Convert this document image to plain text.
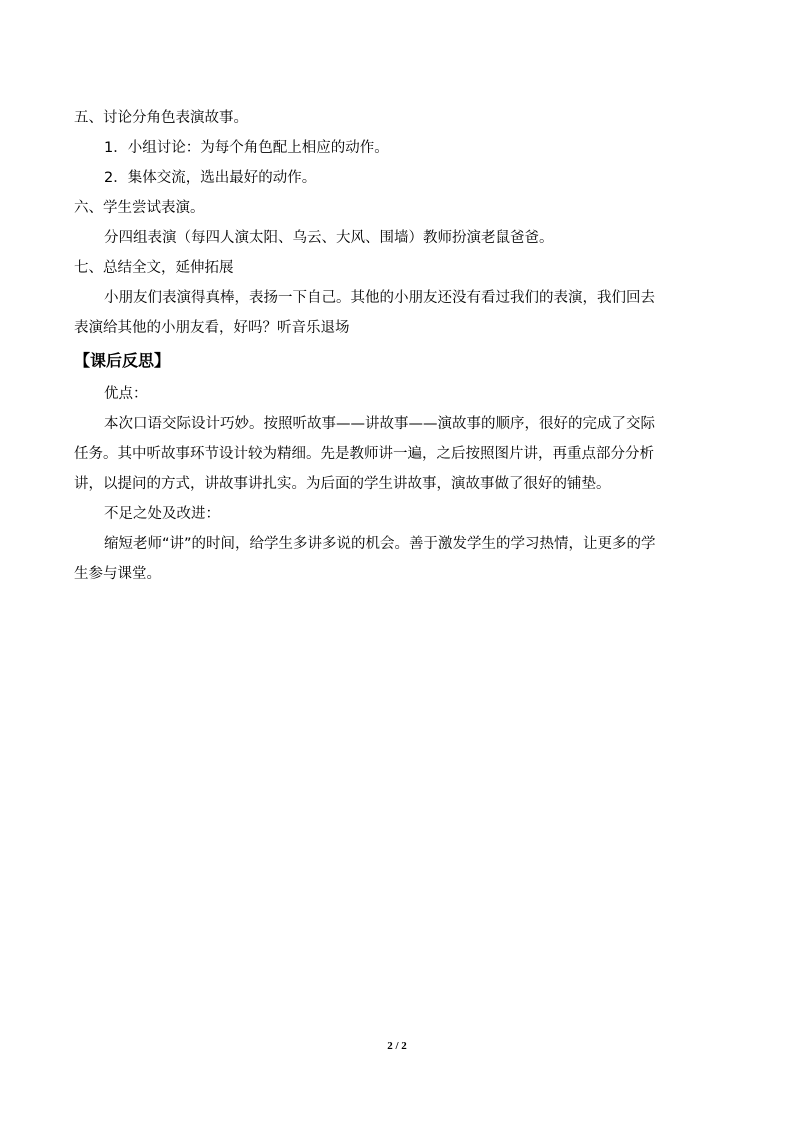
五、讨论分角色表演故事。
1．小组讨论：为每个角色配上相应的动作。
2．集体交流，选出最好的动作。
六、学生尝试表演。
分四组表演（每四人演太阳、乌云、大风、围墙）教师扮演老鼠爸爸。
七、总结全文，延伸拓展
小朋友们表演得真棒，表扬一下自己。其他的小朋友还没有看过我们的表演，我们回去
表演给其他的小朋友看，好吗？听音乐退场
【课后反思】
优点：
本次口语交际设计巧妙。按照听故事——讲故事——演故事的顺序，很好的完成了交际
任务。其中听故事环节设计较为精细。先是教师讲一遍，之后按照图片讲，再重点部分分析
讲，以提问的方式，讲故事讲扎实。为后面的学生讲故事，演故事做了很好的铺垫。
不足之处及改进：
缩短老师“讲”的时间，给学生多讲多说的机会。善于激发学生的学习热情，让更多的学
生参与课堂。
2 / 2
